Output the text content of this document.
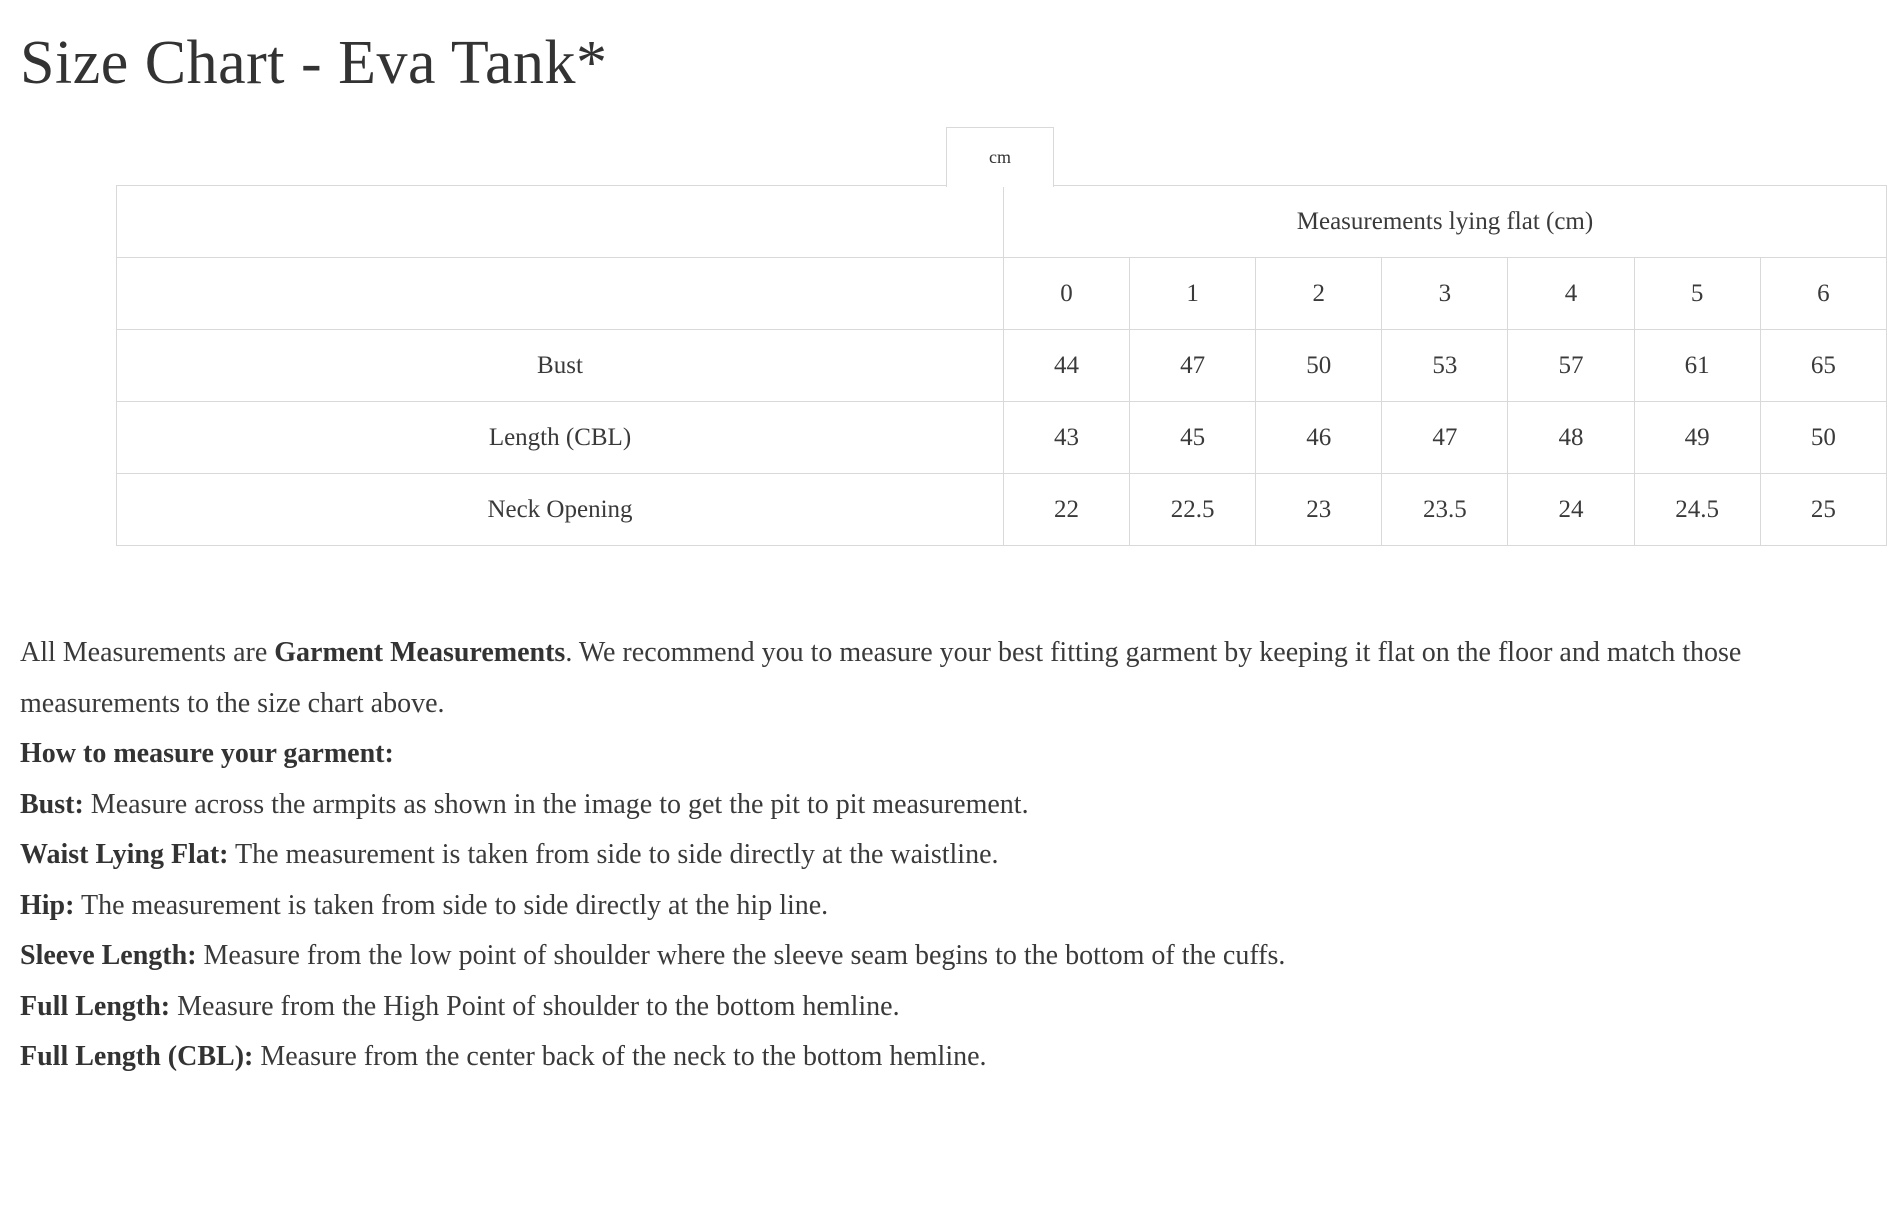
Size Chart - Eva Tank*
cm
	Measurements lying flat (cm)						
	0	1	2	3	4	5	6
Bust	44	47	50	53	57	61	65
Length (CBL)	43	45	46	47	48	49	50
Neck Opening	22	22.5	23	23.5	24	24.5	25

All Measurements are Garment Measurements. We recommend you to measure your best fitting garment by keeping it flat on the floor and match those measurements to the size chart above.

How to measure your garment:

Bust: Measure across the armpits as shown in the image to get the pit to pit measurement.

Waist Lying Flat: The measurement is taken from side to side directly at the waistline.

Hip: The measurement is taken from side to side directly at the hip line.

Sleeve Length: Measure from the low point of shoulder where the sleeve seam begins to the bottom of the cuffs.

Full Length: Measure from the High Point of shoulder to the bottom hemline.

Full Length (CBL): Measure from the center back of the neck to the bottom hemline.
